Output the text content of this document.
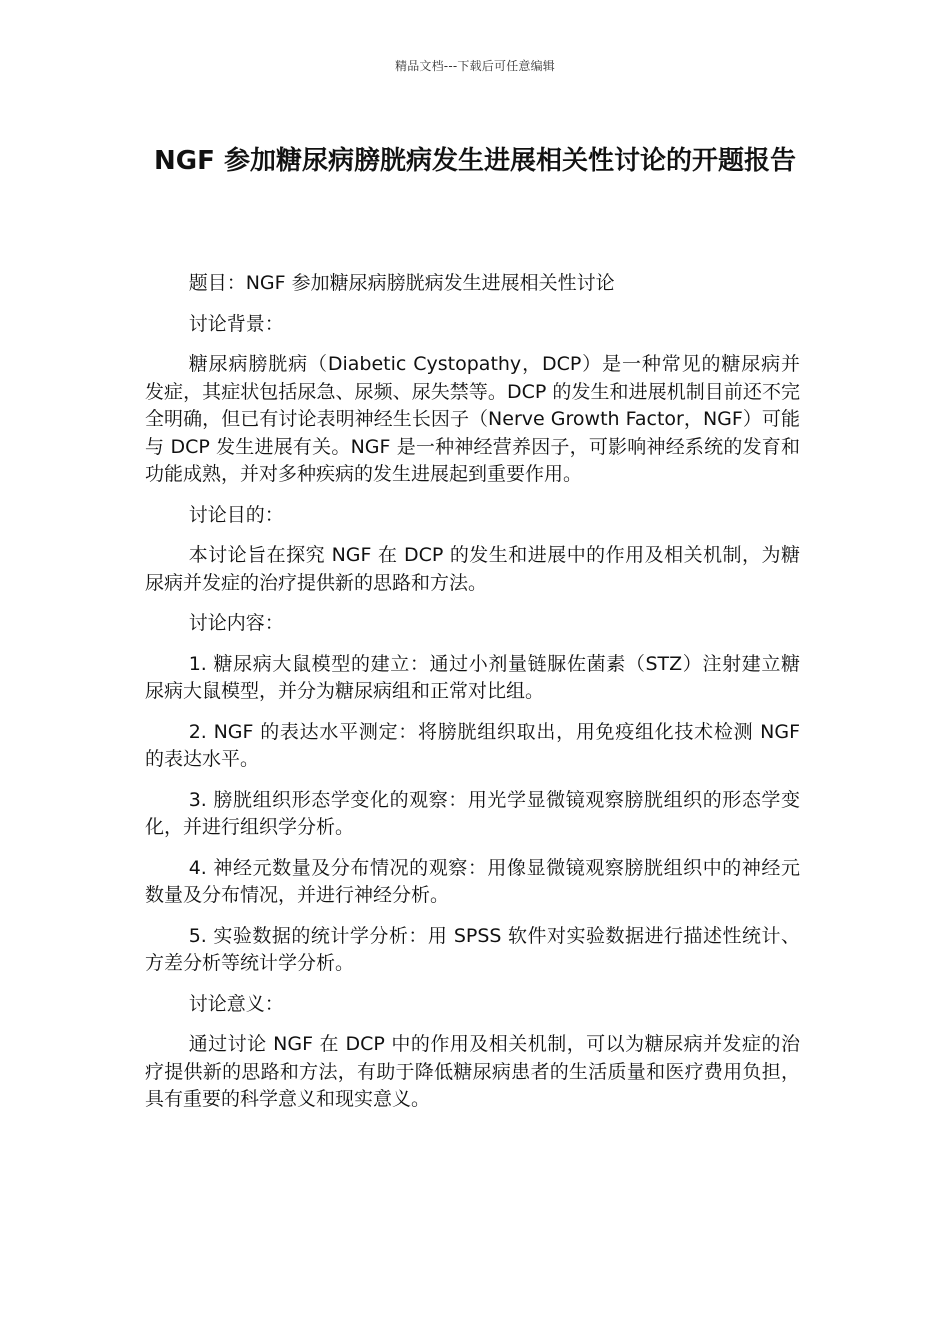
精品文档---下载后可任意编辑
NGF 参加糖尿病膀胱病发生进展相关性讨论的开题报告

题目：NGF 参加糖尿病膀胱病发生进展相关性讨论

讨论背景：

糖尿病膀胱病（Diabetic Cystopathy，DCP）是一种常见的糖尿病并发症，其症状包括尿急、尿频、尿失禁等。DCP 的发生和进展机制目前还不完全明确，但已有讨论表明神经生长因子（Nerve Growth Factor，NGF）可能与 DCP 发生进展有关。NGF 是一种神经营养因子，可影响神经系统的发育和功能成熟，并对多种疾病的发生进展起到重要作用。

讨论目的：

本讨论旨在探究 NGF 在 DCP 的发生和进展中的作用及相关机制，为糖尿病并发症的治疗提供新的思路和方法。

讨论内容：

1. 糖尿病大鼠模型的建立：通过小剂量链脲佐菌素（STZ）注射建立糖尿病大鼠模型，并分为糖尿病组和正常对比组。

2. NGF 的表达水平测定：将膀胱组织取出，用免疫组化技术检测 NGF 的表达水平。

3. 膀胱组织形态学变化的观察：用光学显微镜观察膀胱组织的形态学变化，并进行组织学分析。

4. 神经元数量及分布情况的观察：用像显微镜观察膀胱组织中的神经元数量及分布情况，并进行神经分析。

5. 实验数据的统计学分析：用 SPSS 软件对实验数据进行描述性统计、方差分析等统计学分析。

讨论意义：

通过讨论 NGF 在 DCP 中的作用及相关机制，可以为糖尿病并发症的治疗提供新的思路和方法，有助于降低糖尿病患者的生活质量和医疗费用负担，具有重要的科学意义和现实意义。
